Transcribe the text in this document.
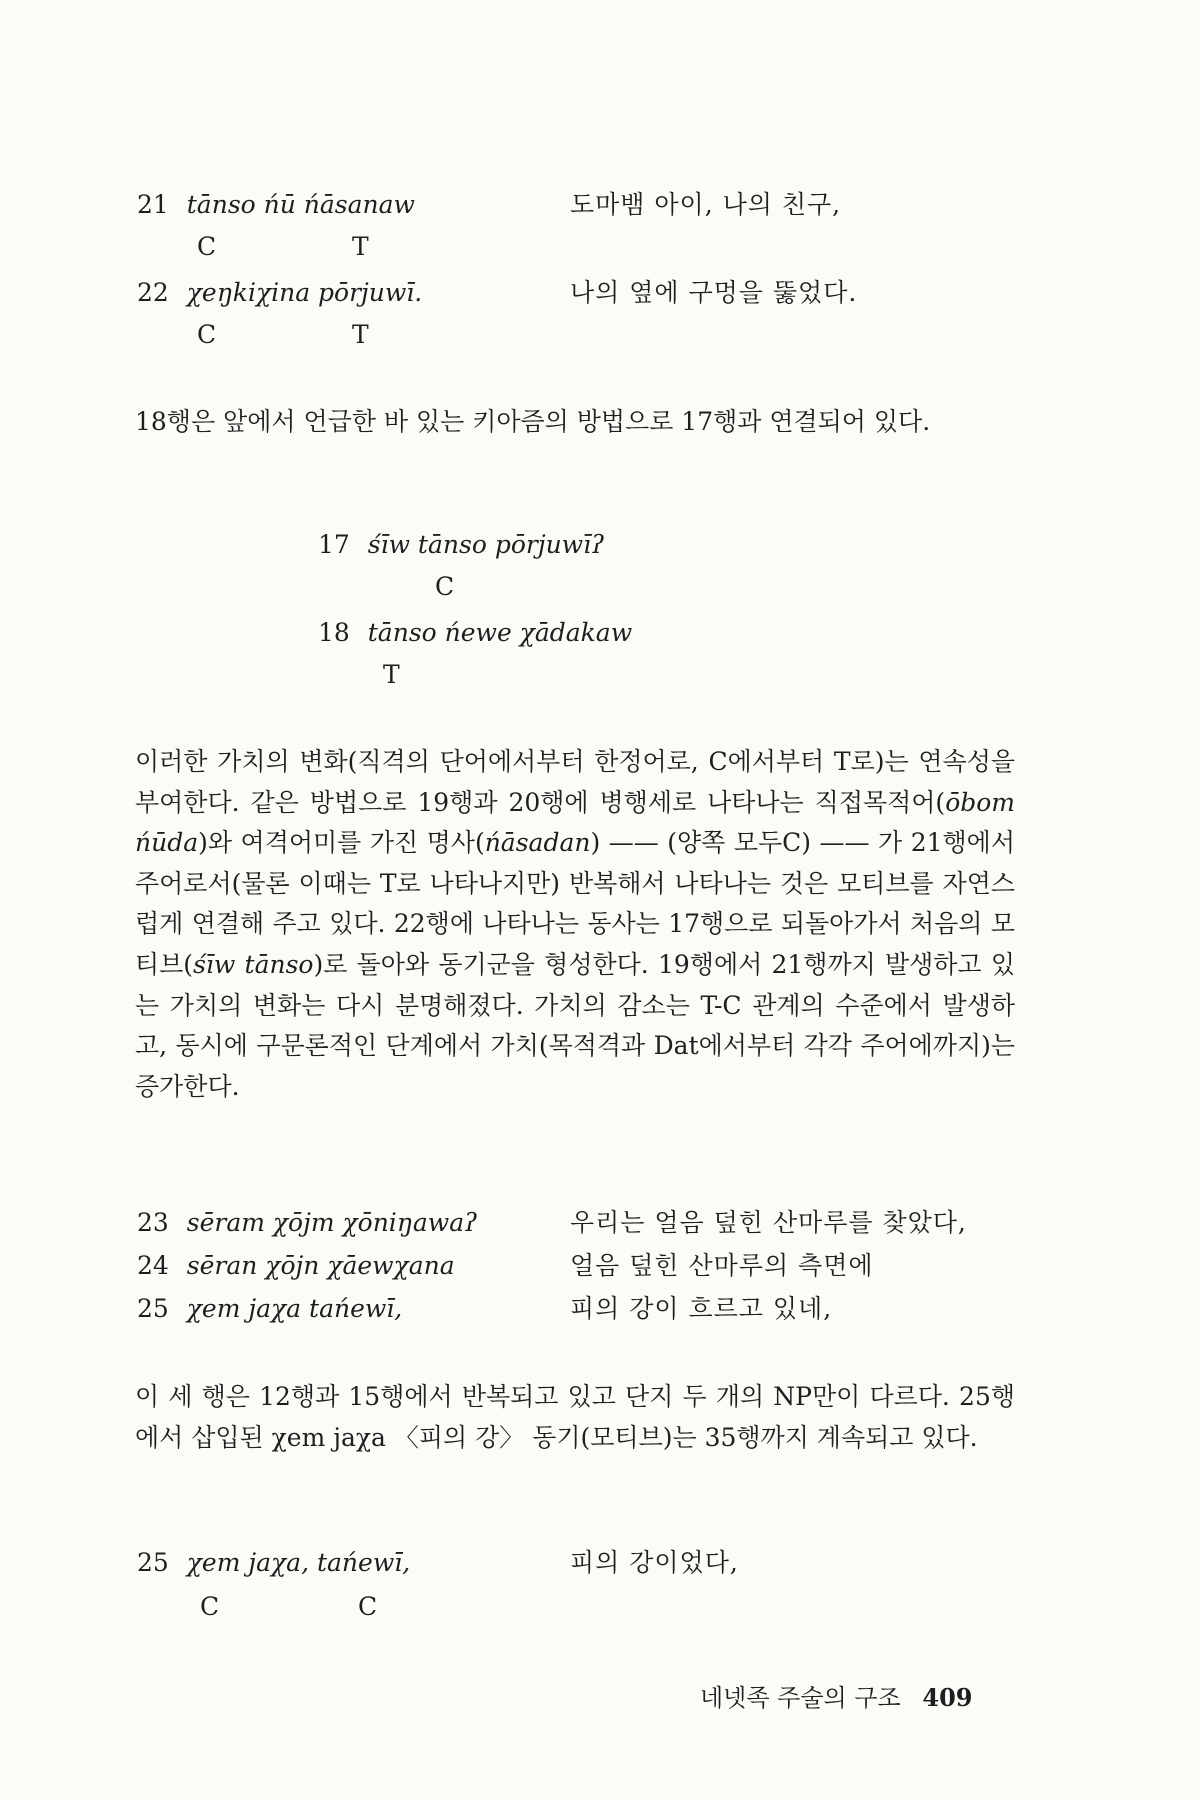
21 tānso ńū ńāsanaw	도마뱀 아이, 나의 친구,
C	T
22 χeŋkiχina pōrjuwī.	나의 옆에 구멍을 뚫었다.
C	T

18행은 앞에서 언급한 바 있는 키아즘의 방법으로 17행과 연결되어 있다.

17 śīw tānso pōrjuwīʔ
C
18 tānso ńewe χādakaw
T

이러한 가치의 변화(직격의 단어에서부터 한정어로, C에서부터 T로)는 연속성을 부여한다. 같은 방법으로 19행과 20행에 병행세로 나타나는 직접목적어(ōbom ńūda)와 여격어미를 가진 명사(ńāsadan) —— (양쪽 모두C) —— 가 21행에서 주어로서(물론 이때는 T로 나타나지만) 반복해서 나타나는 것은 모티브를 자연스럽게 연결해 주고 있다. 22행에 나타나는 동사는 17행으로 되돌아가서 처음의 모티브(śīw tānso)로 돌아와 동기군을 형성한다. 19행에서 21행까지 발생하고 있는 가치의 변화는 다시 분명해졌다. 가치의 감소는 T-C 관계의 수준에서 발생하고, 동시에 구문론적인 단계에서 가치(목적격과 Dat에서부터 각각 주어에까지)는 증가한다.

23 sēram χōjm χōniŋawaʔ	우리는 얼음 덮힌 산마루를 찾았다,
24 sēran χōjn χāewχana	얼음 덮힌 산마루의 측면에
25 χem jaχa tańewī,	피의 강이 흐르고 있네,

이 세 행은 12행과 15행에서 반복되고 있고 단지 두 개의 NP만이 다르다. 25행에서 삽입된 χem jaχa 〈피의 강〉 동기(모티브)는 35행까지 계속되고 있다.

25 χem jaχa, tańewī,	피의 강이었다,
C	C
네넷족 주술의 구조 409
